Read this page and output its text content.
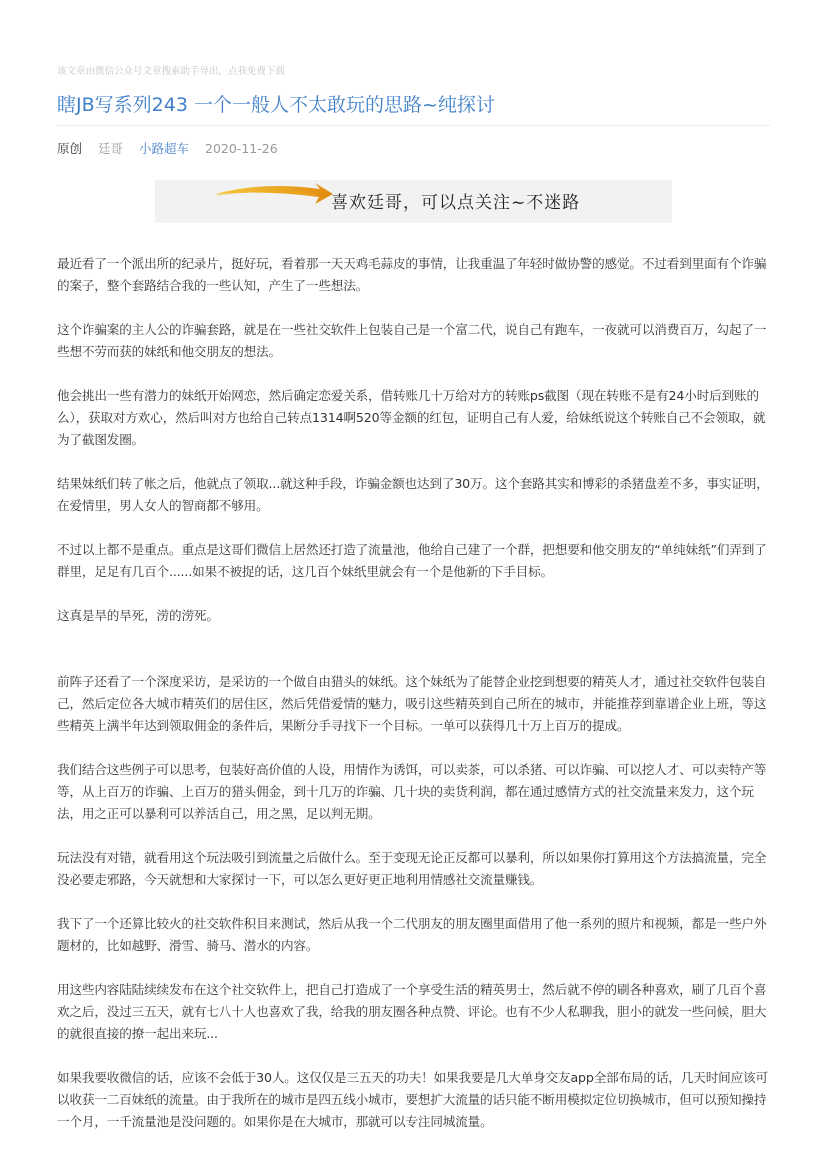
该文章由微信公众号文章搜索助手导出，点我免费下载
瞎JB写系列243 一个一般人不太敢玩的思路~纯探讨
原创 廷哥 小路超车 2020-11-26
喜欢廷哥，可以点关注~不迷路

最近看了一个派出所的纪录片，挺好玩，看着那一天天鸡毛蒜皮的事情，让我重温了年轻时做协警的感觉。不过看到里面有个诈骗的案子，整个套路结合我的一些认知，产生了一些想法。

这个诈骗案的主人公的诈骗套路，就是在一些社交软件上包装自己是一个富二代，说自己有跑车，一夜就可以消费百万，勾起了一些想不劳而获的妹纸和他交朋友的想法。

他会挑出一些有潜力的妹纸开始网恋，然后确定恋爱关系，借转账几十万给对方的转账ps截图（现在转账不是有24小时后到账的么），获取对方欢心，然后叫对方也给自己转点1314啊520等金额的红包，证明自己有人爱，给妹纸说这个转账自己不会领取，就为了截图发圈。

结果妹纸们转了帐之后，他就点了领取...就这种手段，诈骗金额也达到了30万。这个套路其实和博彩的杀猪盘差不多，事实证明，在爱情里，男人女人的智商都不够用。

不过以上都不是重点。重点是这哥们微信上居然还打造了流量池，他给自己建了一个群，把想要和他交朋友的“单纯妹纸”们弄到了群里，足足有几百个......如果不被捉的话，这几百个妹纸里就会有一个是他新的下手目标。

这真是旱的旱死，涝的涝死。

前阵子还看了一个深度采访，是采访的一个做自由猎头的妹纸。这个妹纸为了能替企业挖到想要的精英人才，通过社交软件包装自己，然后定位各大城市精英们的居住区，然后凭借爱情的魅力，吸引这些精英到自己所在的城市，并能推荐到靠谱企业上班，等这些精英上满半年达到领取佣金的条件后，果断分手寻找下一个目标。一单可以获得几十万上百万的提成。

我们结合这些例子可以思考，包装好高价值的人设，用情作为诱饵，可以卖茶，可以杀猪、可以诈骗、可以挖人才、可以卖特产等等，从上百万的诈骗、上百万的猎头佣金，到十几万的诈骗、几十块的卖货利润，都在通过感情方式的社交流量来发力，这个玩法，用之正可以暴利可以养活自己，用之黑，足以判无期。

玩法没有对错，就看用这个玩法吸引到流量之后做什么。至于变现无论正反都可以暴利，所以如果你打算用这个方法搞流量，完全没必要走邪路，今天就想和大家探讨一下，可以怎么更好更正地利用情感社交流量赚钱。

我下了一个还算比较火的社交软件积目来测试，然后从我一个二代朋友的朋友圈里面借用了他一系列的照片和视频，都是一些户外题材的，比如越野、滑雪、骑马、潜水的内容。

用这些内容陆陆续续发布在这个社交软件上，把自己打造成了一个享受生活的精英男士，然后就不停的刷各种喜欢，刷了几百个喜欢之后，没过三五天，就有七八十人也喜欢了我，给我的朋友圈各种点赞、评论。也有不少人私聊我，胆小的就发一些问候，胆大的就很直接的撩一起出来玩...

如果我要收微信的话，应该不会低于30人。这仅仅是三五天的功夫！如果我要是几大单身交友app全部布局的话，几天时间应该可以收获一二百妹纸的流量。由于我所在的城市是四五线小城市，要想扩大流量的话只能不断用模拟定位切换城市，但可以预知操持一个月，一千流量池是没问题的。如果你是在大城市，那就可以专注同城流量。
